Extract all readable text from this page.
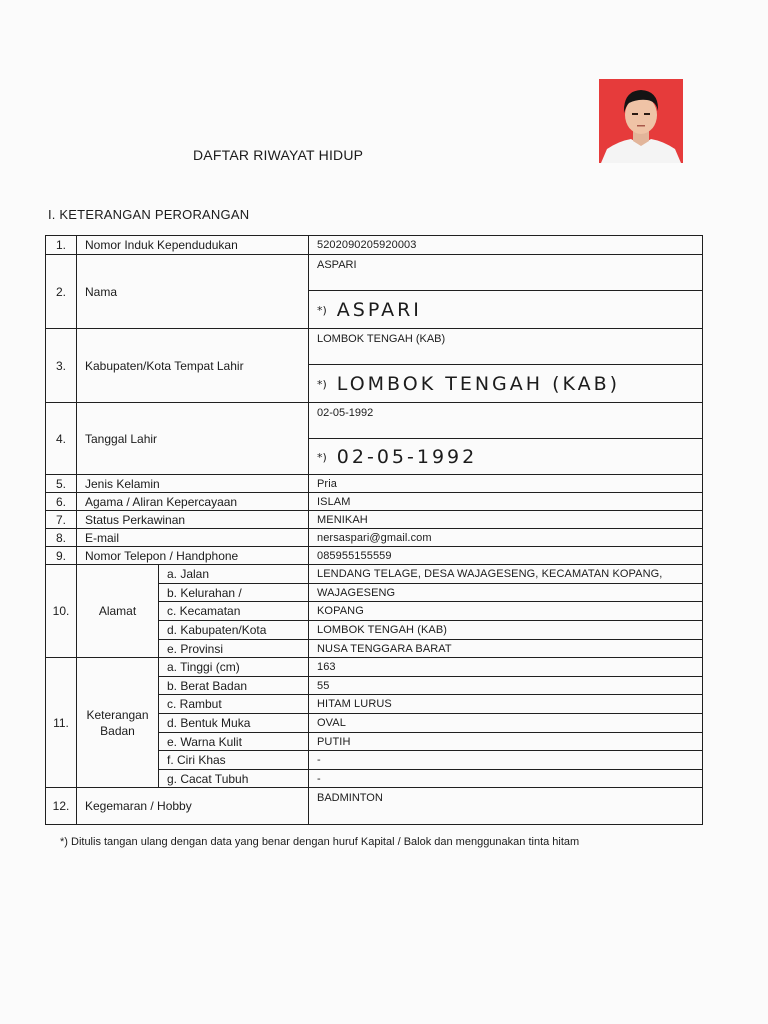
DAFTAR RIWAYAT HIDUP
I. KETERANGAN PERORANGAN
1.	Nomor Induk Kependudukan		5202090205920003
2.	Nama		ASPARI
			*) ASPARI
3.	Kabupaten/Kota Tempat Lahir		LOMBOK TENGAH (KAB)
			*) LOMBOK TENGAH (KAB)
4.	Tanggal Lahir		02-05-1992
			*) 02-05-1992
5.	Jenis Kelamin		Pria
6.	Agama / Aliran Kepercayaan		ISLAM
7.	Status Perkawinan		MENIKAH
8.	E-mail		nersaspari@gmail.com
9.	Nomor Telepon / Handphone		085955155559
10.	Alamat	a. Jalan	LENDANG TELAGE, DESA WAJAGESENG, KECAMATAN KOPANG,
		b. Kelurahan /	WAJAGESENG
		c. Kecamatan	KOPANG
		d. Kabupaten/Kota	LOMBOK TENGAH (KAB)
		e. Provinsi	NUSA TENGGARA BARAT
11.	Keterangan
Badan	a. Tinggi (cm)	163
		b. Berat Badan	55
		c. Rambut	HITAM LURUS
		d. Bentuk Muka	OVAL
		e. Warna Kulit	PUTIH
		f. Ciri Khas	-
		g. Cacat Tubuh	-
12.	Kegemaran / Hobby		BADMINTON
*) Ditulis tangan ulang dengan data yang benar dengan huruf Kapital / Balok dan menggunakan tinta hitam
